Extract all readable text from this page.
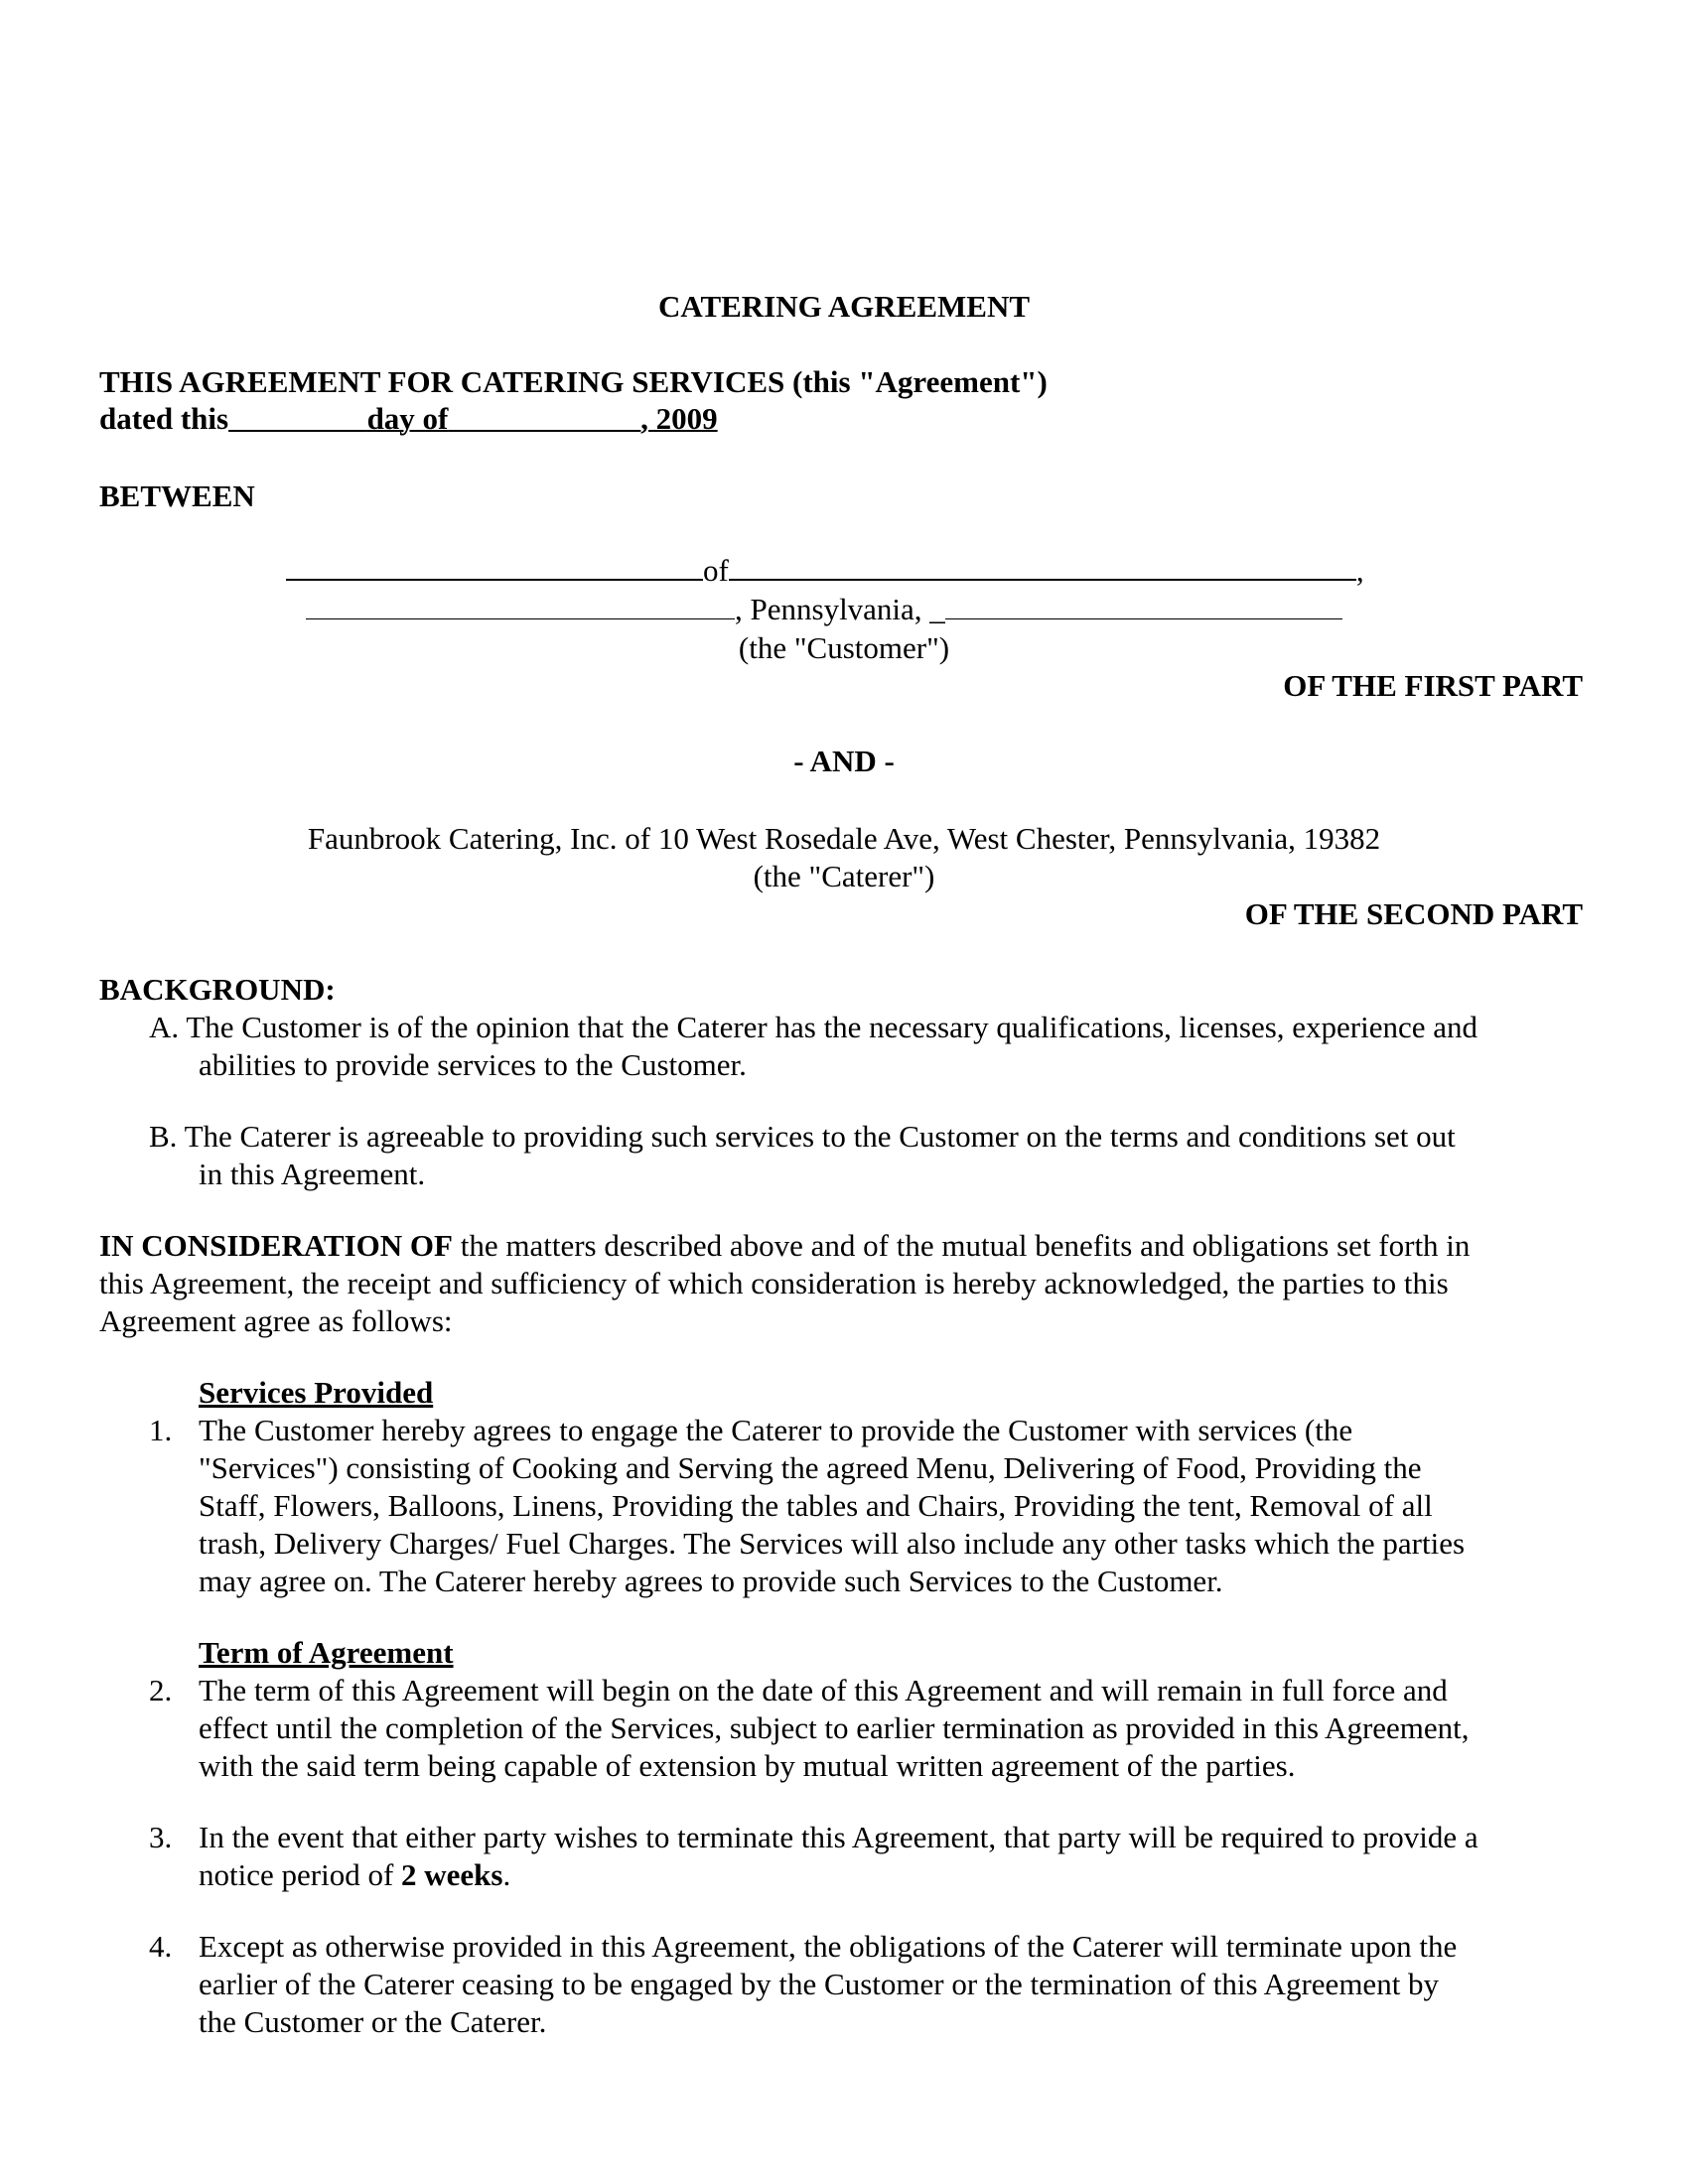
CATERING AGREEMENT
THIS AGREEMENT FOR CATERING SERVICES (this "Agreement")
dated this	day of	, 2009
BETWEEN
of	,
, Pennsylvania, _
(the "Customer")
OF THE FIRST PART
- AND -
Faunbrook Catering, Inc. of 10 West Rosedale Ave, West Chester, Pennsylvania, 19382
(the "Caterer")
OF THE SECOND PART
BACKGROUND:
A. The Customer is of the opinion that the Caterer has the necessary qualifications, licenses, experience and
abilities to provide services to the Customer.
B. The Caterer is agreeable to providing such services to the Customer on the terms and conditions set out
in this Agreement.
IN CONSIDERATION OF the matters described above and of the mutual benefits and obligations set forth in
this Agreement, the receipt and sufficiency of which consideration is hereby acknowledged, the parties to this
Agreement agree as follows:
Services Provided
1. The Customer hereby agrees to engage the Caterer to provide the Customer with services (the
"Services") consisting of Cooking and Serving the agreed Menu, Delivering of Food, Providing the
Staff, Flowers, Balloons, Linens, Providing the tables and Chairs, Providing the tent, Removal of all
trash, Delivery Charges/ Fuel Charges. The Services will also include any other tasks which the parties
may agree on. The Caterer hereby agrees to provide such Services to the Customer.
Term of Agreement
2. The term of this Agreement will begin on the date of this Agreement and will remain in full force and
effect until the completion of the Services, subject to earlier termination as provided in this Agreement,
with the said term being capable of extension by mutual written agreement of the parties.
3. In the event that either party wishes to terminate this Agreement, that party will be required to provide a
notice period of 2 weeks.
4. Except as otherwise provided in this Agreement, the obligations of the Caterer will terminate upon the
earlier of the Caterer ceasing to be engaged by the Customer or the termination of this Agreement by
the Customer or the Caterer.
